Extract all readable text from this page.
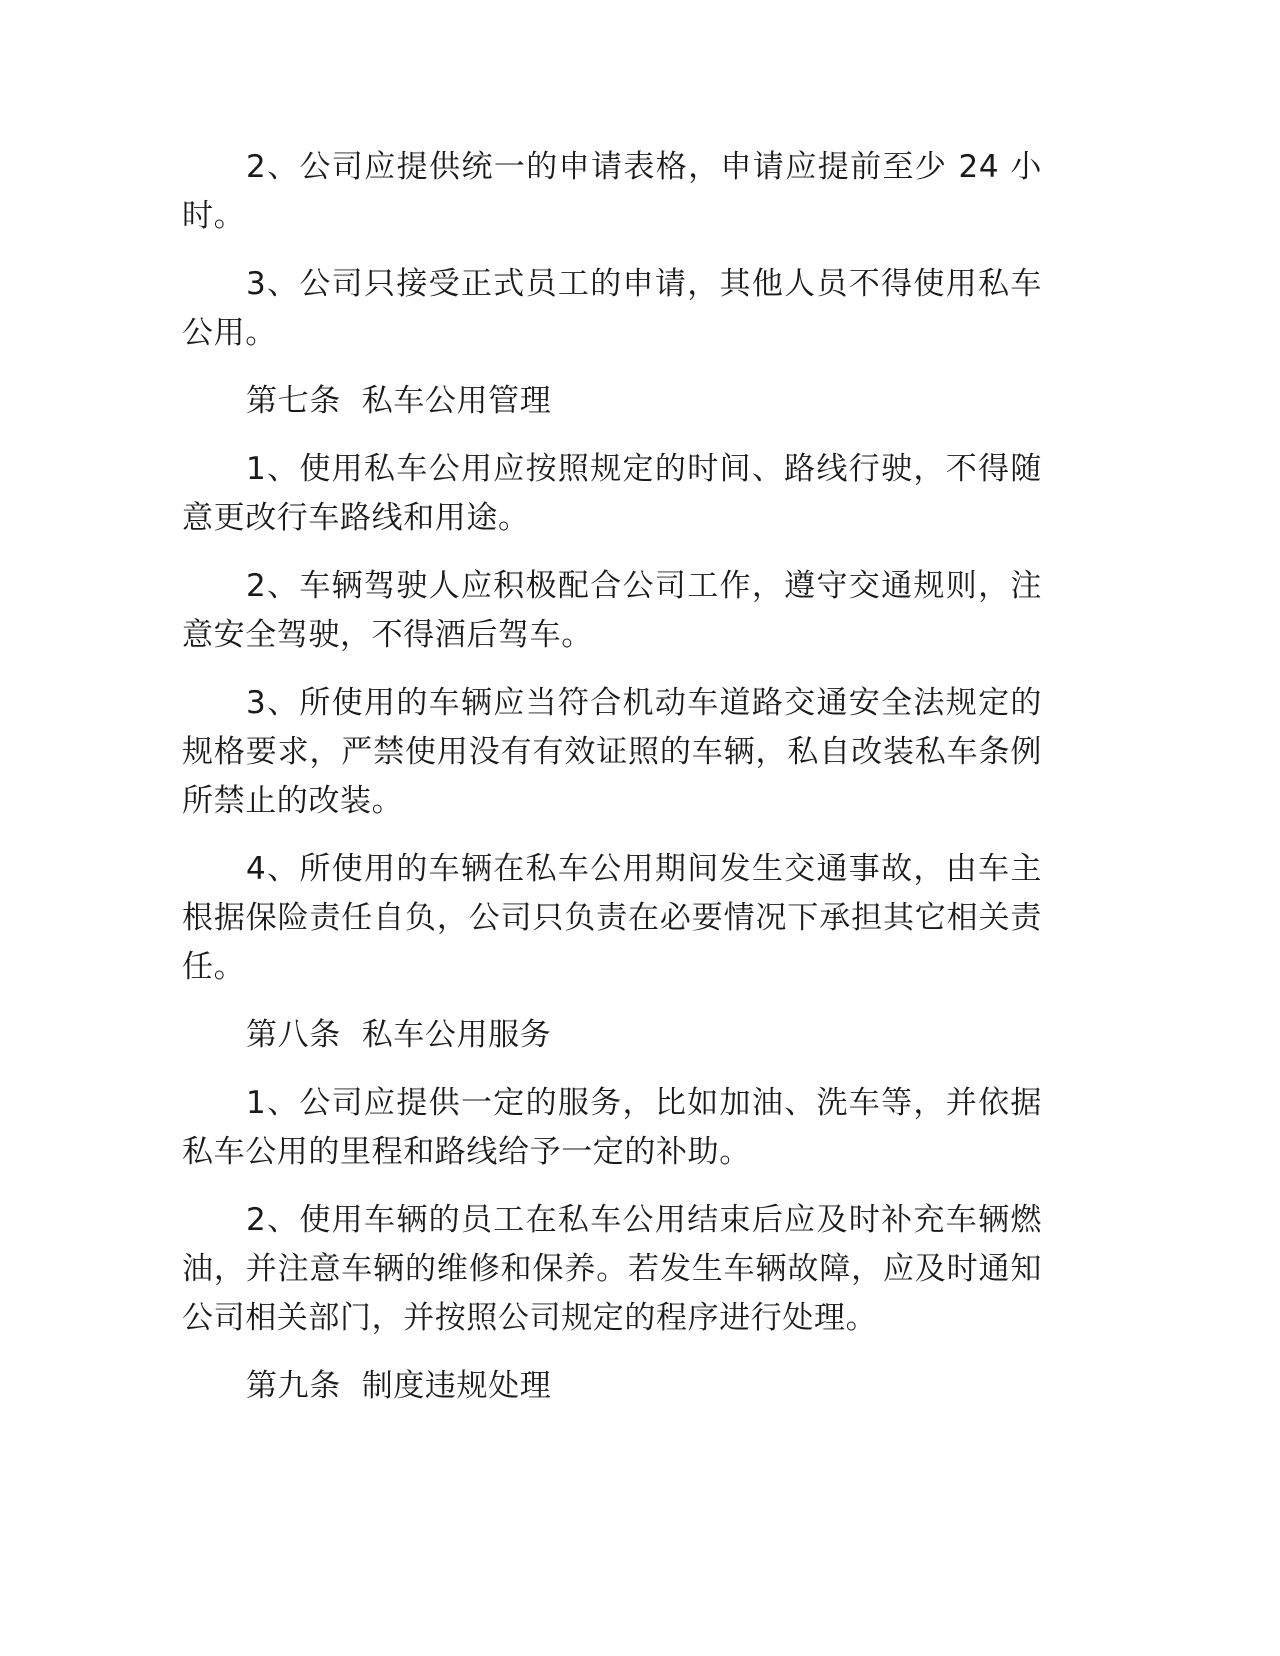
2、公司应提供统一的申请表格，申请应提前至少 24 小时。

3、公司只接受正式员工的申请，其他人员不得使用私车公用。

第七条  私车公用管理

1、使用私车公用应按照规定的时间、路线行驶，不得随意更改行车路线和用途。

2、车辆驾驶人应积极配合公司工作，遵守交通规则，注意安全驾驶，不得酒后驾车。

3、所使用的车辆应当符合机动车道路交通安全法规定的规格要求，严禁使用没有有效证照的车辆，私自改装私车条例所禁止的改装。

4、所使用的车辆在私车公用期间发生交通事故，由车主根据保险责任自负，公司只负责在必要情况下承担其它相关责任。

第八条  私车公用服务

1、公司应提供一定的服务，比如加油、洗车等，并依据私车公用的里程和路线给予一定的补助。

2、使用车辆的员工在私车公用结束后应及时补充车辆燃油，并注意车辆的维修和保养。若发生车辆故障，应及时通知公司相关部门，并按照公司规定的程序进行处理。

第九条  制度违规处理
